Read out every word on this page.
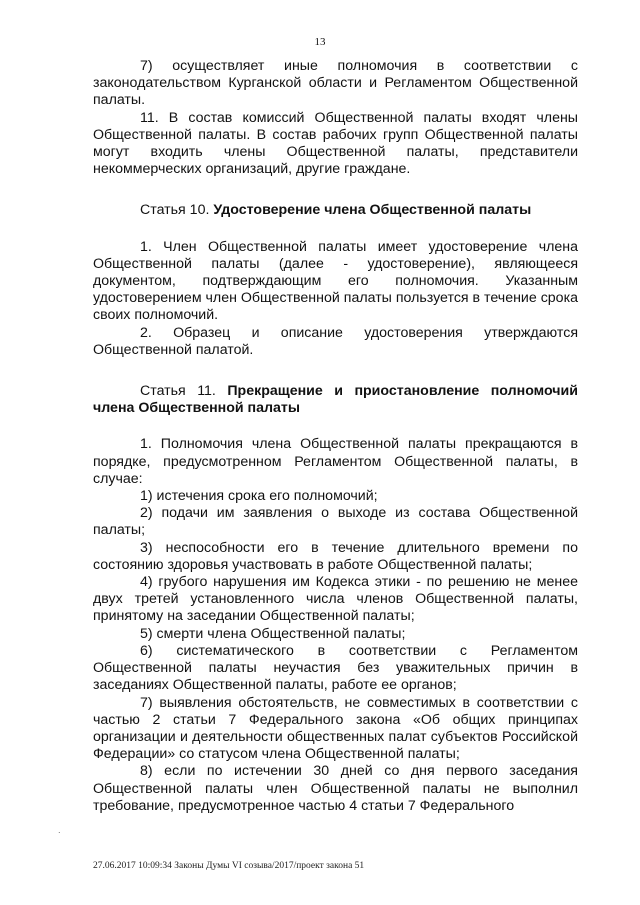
13

7) осуществляет иные полномочия в соответствии с законодательством Курганской области и Регламентом Общественной палаты.

11. В состав комиссий Общественной палаты входят члены Общественной палаты. В состав рабочих групп Общественной палаты могут входить члены Общественной палаты, представители некоммерческих организаций, другие граждане.

Статья 10. Удостоверение члена Общественной палаты

1. Член Общественной палаты имеет удостоверение члена Общественной палаты (далее - удостоверение), являющееся документом, подтверждающим его полномочия. Указанным удостоверением член Общественной палаты пользуется в течение срока своих полномочий.

2. Образец и описание удостоверения утверждаются Общественной палатой.

Статья 11. Прекращение и приостановление полномочий члена Общественной палаты

1. Полномочия члена Общественной палаты прекращаются в порядке, предусмотренном Регламентом Общественной палаты, в случае:

1) истечения срока его полномочий;

2) подачи им заявления о выходе из состава Общественной палаты;

3) неспособности его в течение длительного времени по состоянию здоровья участвовать в работе Общественной палаты;

4) грубого нарушения им Кодекса этики - по решению не менее двух третей установленного числа членов Общественной палаты, принятому на заседании Общественной палаты;

5) смерти члена Общественной палаты;

6) систематического в соответствии с Регламентом Общественной палаты неучастия без уважительных причин в заседаниях Общественной палаты, работе ее органов;

7) выявления обстоятельств, не совместимых в соответствии с частью 2 статьи 7 Федерального закона «Об общих принципах организации и деятельности общественных палат субъектов Российской Федерации» со статусом члена Общественной палаты;

8) если по истечении 30 дней со дня первого заседания Общественной палаты член Общественной палаты не выполнил требование, предусмотренное частью 4 статьи 7 Федерального

.
27.06.2017 10:09:34 Законы Думы VI созыва/2017/проект закона 51
